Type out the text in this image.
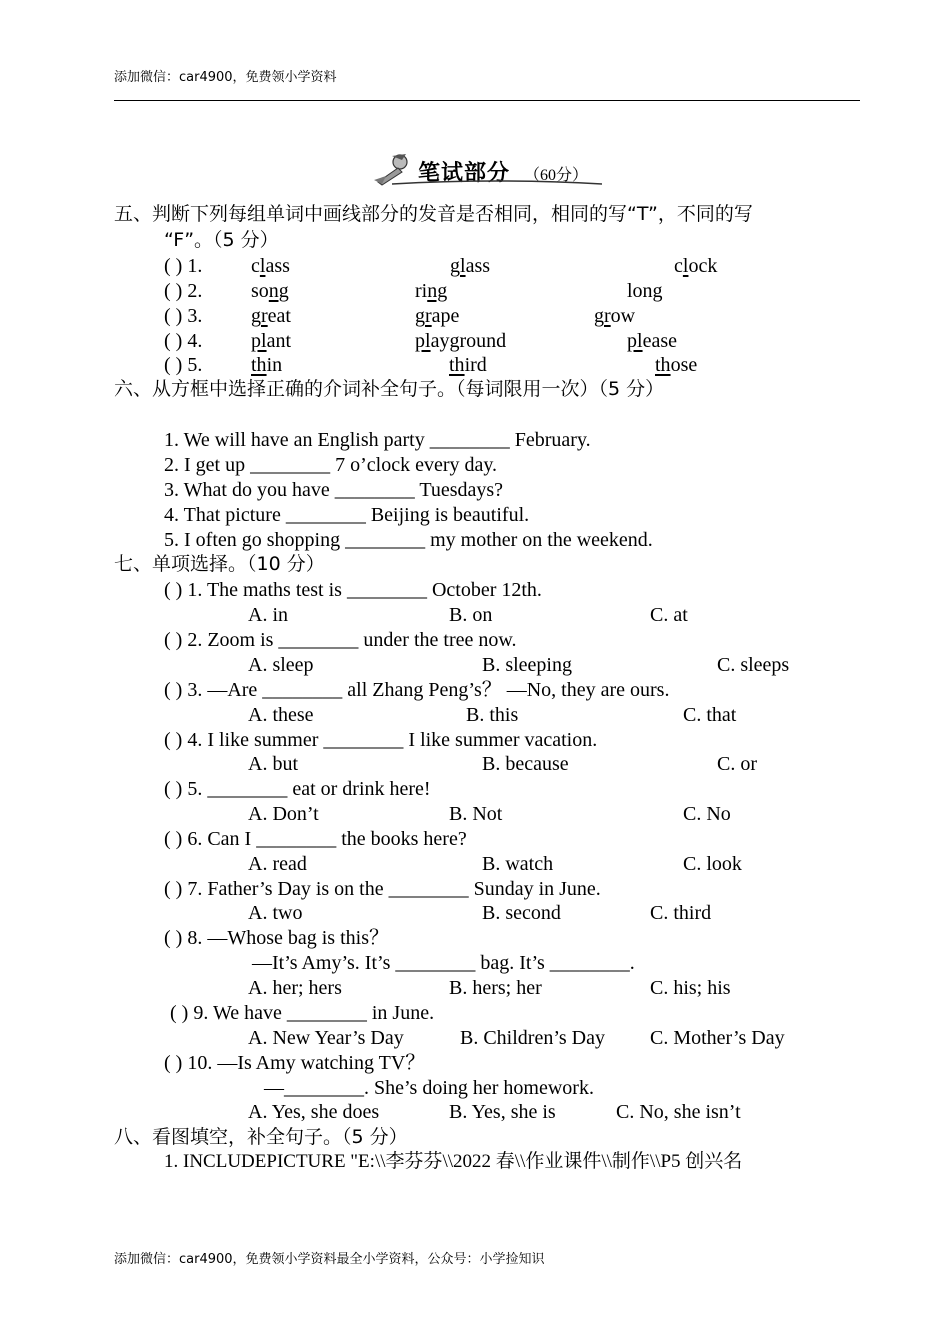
添加微信：car4900，免费领小学资料
笔试部分 （60分）
五、判断下列每组单词中画线部分的发音是否相同，相同的写“T”，不同的写
“F”。（5 分）
( ) 1. class	glass	clock
( ) 2. song	ring	long
( ) 3. great	grape	grow
( ) 4. plant	playground	please
( ) 5. thin	third	those
六、从方框中选择正确的介词补全句子。（每词限用一次）（5 分）
1. We will have an English party ________ February.
2. I get up ________ 7 o’clock every day.
3. What do you have ________ Tuesdays?
4. That picture ________ Beijing is beautiful.
5. I often go shopping ________ my mother on the weekend.
七、单项选择。（10 分）
( ) 1. The maths test is ________ October 12th.
A. in	B. on	C. at
( ) 2. Zoom is ________ under the tree now.
A. sleep	B. sleeping	C. sleeps
( ) 3. —Are ________ all Zhang Peng’s？ —No, they are ours.
A. these	B. this	C. that
( ) 4. I like summer ________ I like summer vacation.
A. but	B. because	C. or
( ) 5. ________ eat or drink here!
A. Don’t	B. Not	C. No
( ) 6. Can I ________ the books here?
A. read	B. watch	C. look
( ) 7. Father’s Day is on the ________ Sunday in June.
A. two	B. second	C. third
( ) 8. —Whose bag is this？
—It’s Amy’s. It’s ________ bag. It’s ________.
A. her; hers	B. hers; her	C. his; his
( ) 9. We have ________ in June.
A. New Year’s Day	B. Children’s Day C. Mother’s Day
( ) 10. —Is Amy watching TV？
—________. She’s doing her homework.
A. Yes, she does	B. Yes, she is	C. No, she isn’t
八、看图填空，补全句子。（5 分）
1. INCLUDEPICTURE "E:\\李芬芬\\2022 春\\作业课件\\制作\\P5 创兴名
添加微信：car4900，免费领小学资料最全小学资料，公众号：小学捡知识
